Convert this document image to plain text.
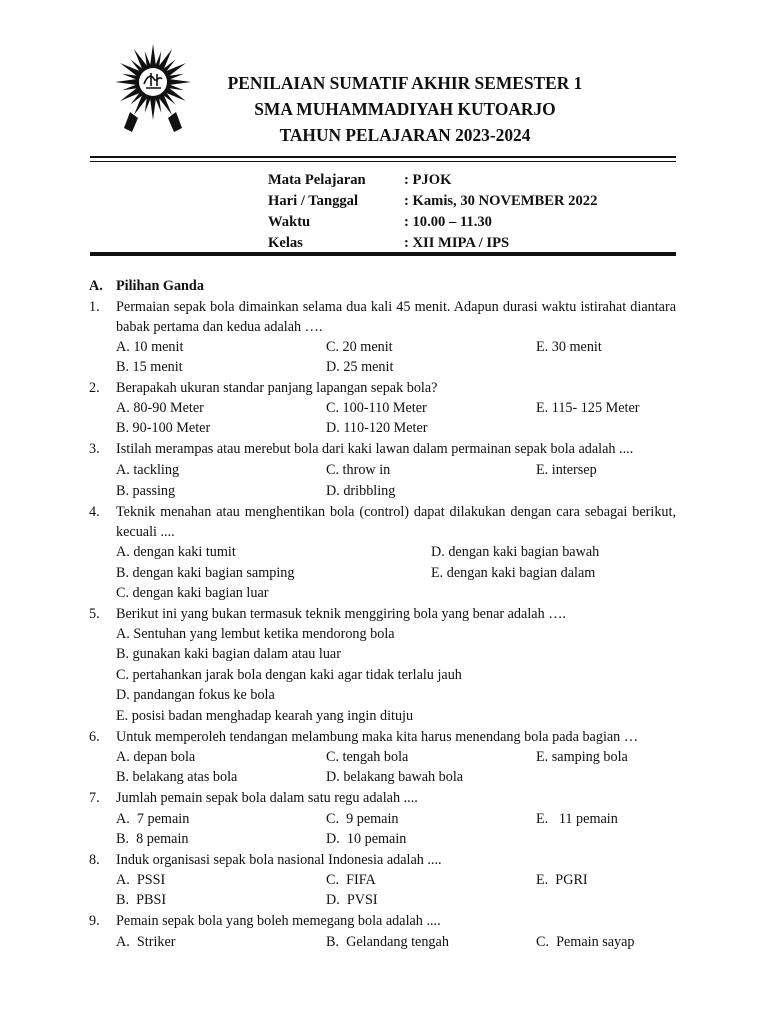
PENILAIAN SUMATIF AKHIR SEMESTER 1
SMA MUHAMMADIYAH KUTOARJO
TAHUN PELAJARAN 2023-2024
Mata Pelajaran	: PJOK
Hari / Tanggal	: Kamis, 30 NOVEMBER 2022
Waktu	: 10.00 – 11.30
Kelas	: XII MIPA / IPS
A. Pilihan Ganda
1. Permaian sepak bola dimainkan selama dua kali 45 menit. Adapun durasi waktu istirahat diantara
babak pertama dan kedua adalah ….
A. 10 menit	C. 20 menit	E. 30 menit
B. 15 menit	D. 25 menit
2. Berapakah ukuran standar panjang lapangan sepak bola?
A. 80-90 Meter	C. 100-110 Meter	E. 115- 125 Meter
B. 90-100 Meter	D. 110-120 Meter
3. Istilah merampas atau merebut bola dari kaki lawan dalam permainan sepak bola adalah ....
A. tackling	C. throw in	E. intersep
B. passing	D. dribbling
4. Teknik menahan atau menghentikan bola (control) dapat dilakukan dengan cara sebagai berikut,
kecuali ....
A. dengan kaki tumit	D. dengan kaki bagian bawah
B. dengan kaki bagian samping	E. dengan kaki bagian dalam
C. dengan kaki bagian luar
5. Berikut ini yang bukan termasuk teknik menggiring bola yang benar adalah ….
A. Sentuhan yang lembut ketika mendorong bola
B. gunakan kaki bagian dalam atau luar
C. pertahankan jarak bola dengan kaki agar tidak terlalu jauh
D. pandangan fokus ke bola
E. posisi badan menghadap kearah yang ingin dituju
6. Untuk memperoleh tendangan melambung maka kita harus menendang bola pada bagian …
A. depan bola	C. tengah bola	E. samping bola
B. belakang atas bola	D. belakang bawah bola
7. Jumlah pemain sepak bola dalam satu regu adalah ....
A.  7 pemain	C.  9 pemain	E.   11 pemain
B.  8 pemain	D.  10 pemain
8. Induk organisasi sepak bola nasional Indonesia adalah ....
A.  PSSI	C.  FIFA	E.  PGRI
B.  PBSI	D.  PVSI
9. Pemain sepak bola yang boleh memegang bola adalah ....
A.  Striker	B.  Gelandang tengah	C.  Pemain sayap
